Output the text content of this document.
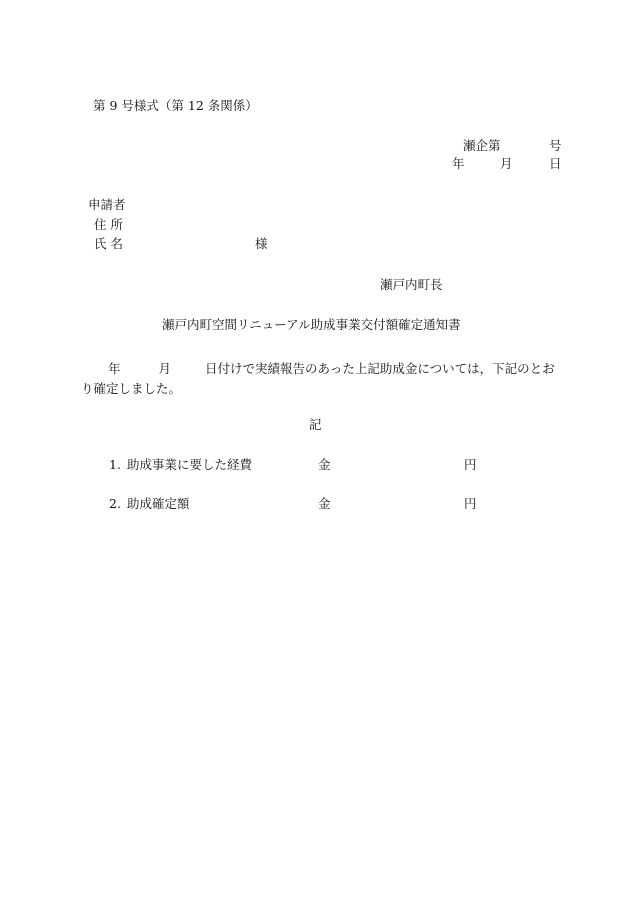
第 9 号様式（第 12 条関係）
瀬企第	号
年	月	日
申請者
住 所
氏 名	様
瀬戸内町長
瀬戸内町空間リニューアル助成事業交付額確定通知書
年	月	日付けで実績報告のあった上記助成金については，下記のとおり確定しました。
記
1. 助成事業に要した経費	金	円
2. 助成確定額	金	円
